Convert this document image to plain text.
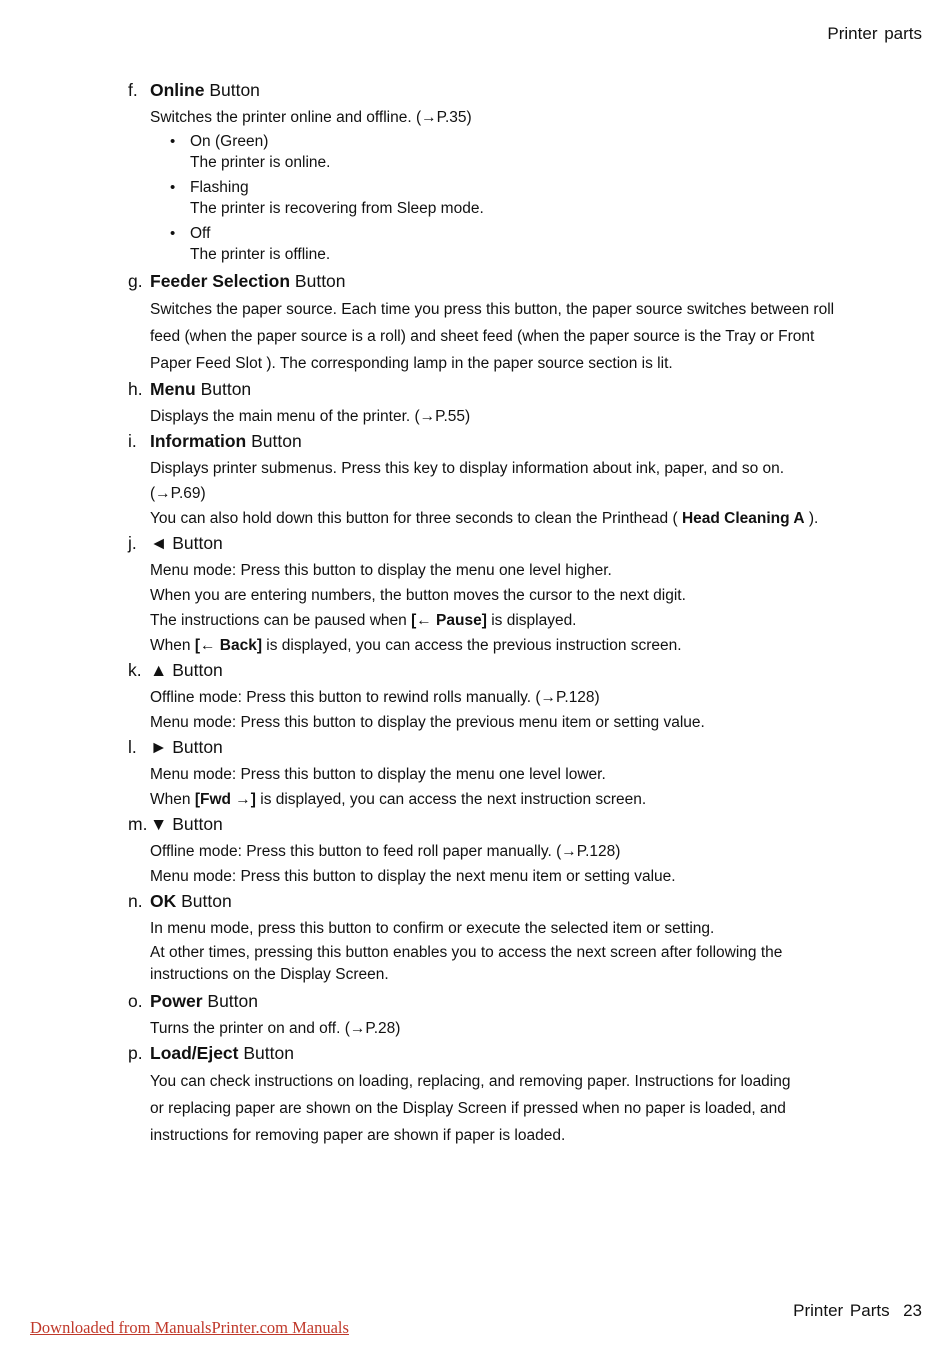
Printer parts
f. Online Button

Switches the printer online and offline. (→P.35)

• On (Green)
The printer is online.
• Flashing
The printer is recovering from Sleep mode.
• Off
The printer is offline.
g. Feeder Selection Button

Switches the paper source. Each time you press this button, the paper source switches between roll

feed (when the paper source is a roll) and sheet feed (when the paper source is the Tray or Front

Paper Feed Slot ). The corresponding lamp in the paper source section is lit.

h. Menu Button

Displays the main menu of the printer. (→P.55)

i. Information Button

Displays printer submenus. Press this key to display information about ink, paper, and so on.

(→P.69)

You can also hold down this button for three seconds to clean the Printhead ( Head Cleaning A ).

j. ◄ Button

Menu mode: Press this button to display the menu one level higher.

When you are entering numbers, the button moves the cursor to the next digit.

The instructions can be paused when [← Pause] is displayed.

When [← Back] is displayed, you can access the previous instruction screen.

k. ▲ Button

Offline mode: Press this button to rewind rolls manually. (→P.128)

Menu mode: Press this button to display the previous menu item or setting value.

l. ► Button

Menu mode: Press this button to display the menu one level lower.

When [Fwd →] is displayed, you can access the next instruction screen.

m. ▼ Button

Offline mode: Press this button to feed roll paper manually. (→P.128)

Menu mode: Press this button to display the next menu item or setting value.

n. OK Button

In menu mode, press this button to confirm or execute the selected item or setting.

At other times, pressing this button enables you to access the next screen after following the

instructions on the Display Screen.

o. Power Button

Turns the printer on and off. (→P.28)

p. Load/Eject Button

You can check instructions on loading, replacing, and removing paper. Instructions for loading

or replacing paper are shown on the Display Screen if pressed when no paper is loaded, and

instructions for removing paper are shown if paper is loaded.

Printer Parts 23
Downloaded from ManualsPrinter.com Manuals
